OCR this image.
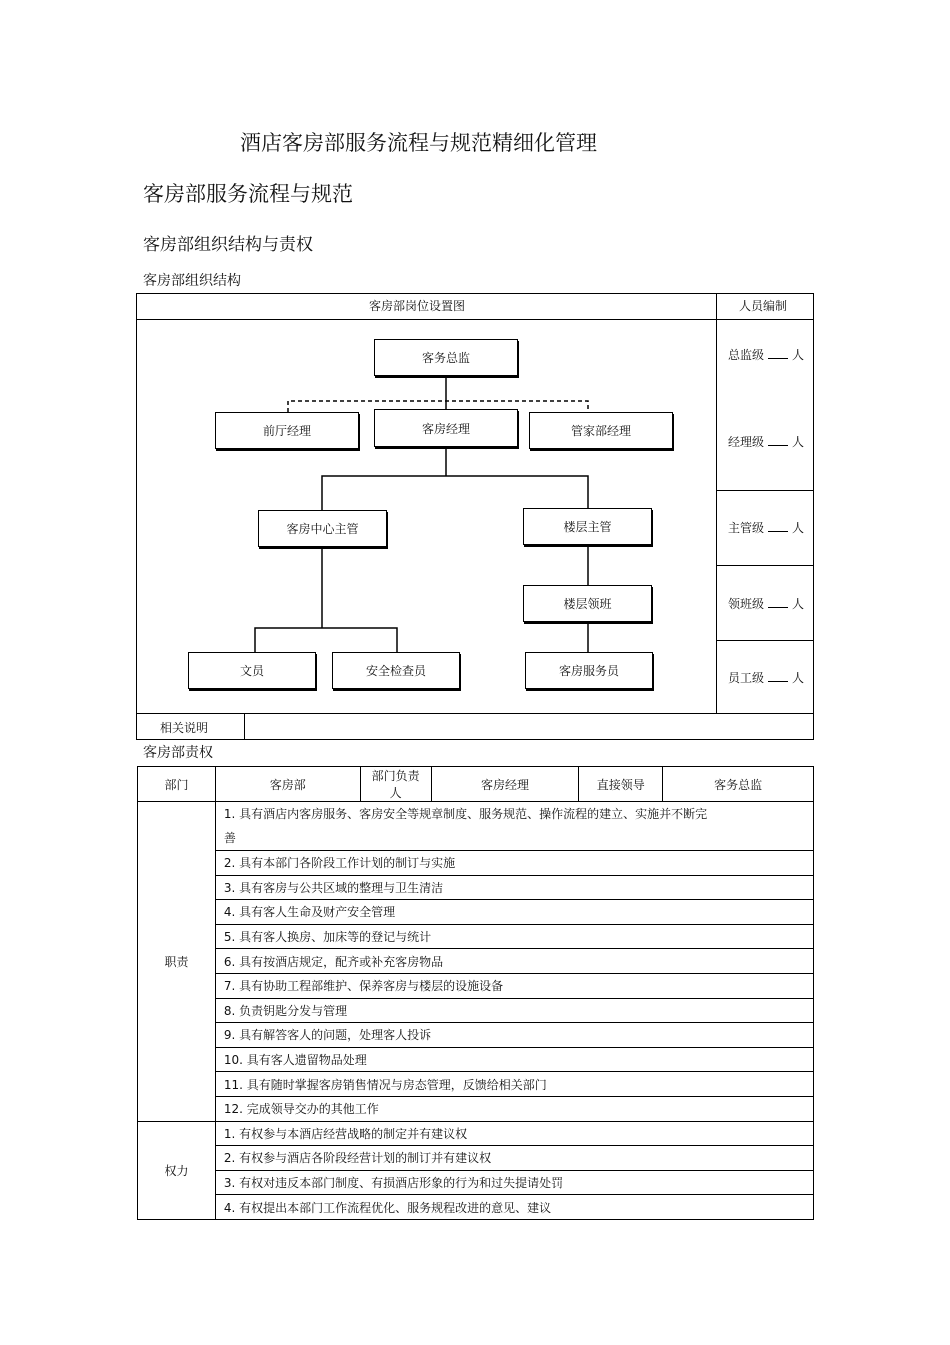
酒店客房部服务流程与规范精细化管理
客房部服务流程与规范
客房部组织结构与责权
客房部组织结构
客房部岗位设置图	人员编制
相关说明
总监级 人
经理级 人
主管级 人
领班级 人
员工级 人
客务总监
前厅经理	客房经理	管家部经理
客房中心主管	楼层主管
楼层领班
文员	安全检查员	客房服务员
客房部责权
部门	客房部	部门负责人	客房经理	直接领导	客务总监
职责	1. 具有酒店内客房服务、客房安全等规章制度、服务规范、操作流程的建立、实施并不断完
善				
	2. 具有本部门各阶段工作计划的制订与实施				
	3. 具有客房与公共区域的整理与卫生清洁				
	4. 具有客人生命及财产安全管理				
	5. 具有客人换房、加床等的登记与统计				
	6. 具有按酒店规定，配齐或补充客房物品				
	7. 具有协助工程部维护、保养客房与楼层的设施设备				
	8. 负责钥匙分发与管理				
	9. 具有解答客人的问题，处理客人投诉				
	10. 具有客人遗留物品处理				
	11. 具有随时掌握客房销售情况与房态管理，反馈给相关部门				
	12. 完成领导交办的其他工作				
权力	1. 有权参与本酒店经营战略的制定并有建议权				
	2. 有权参与酒店各阶段经营计划的制订并有建议权				
	3. 有权对违反本部门制度、有损酒店形象的行为和过失提请处罚				
	4. 有权提出本部门工作流程优化、服务规程改进的意见、建议				
